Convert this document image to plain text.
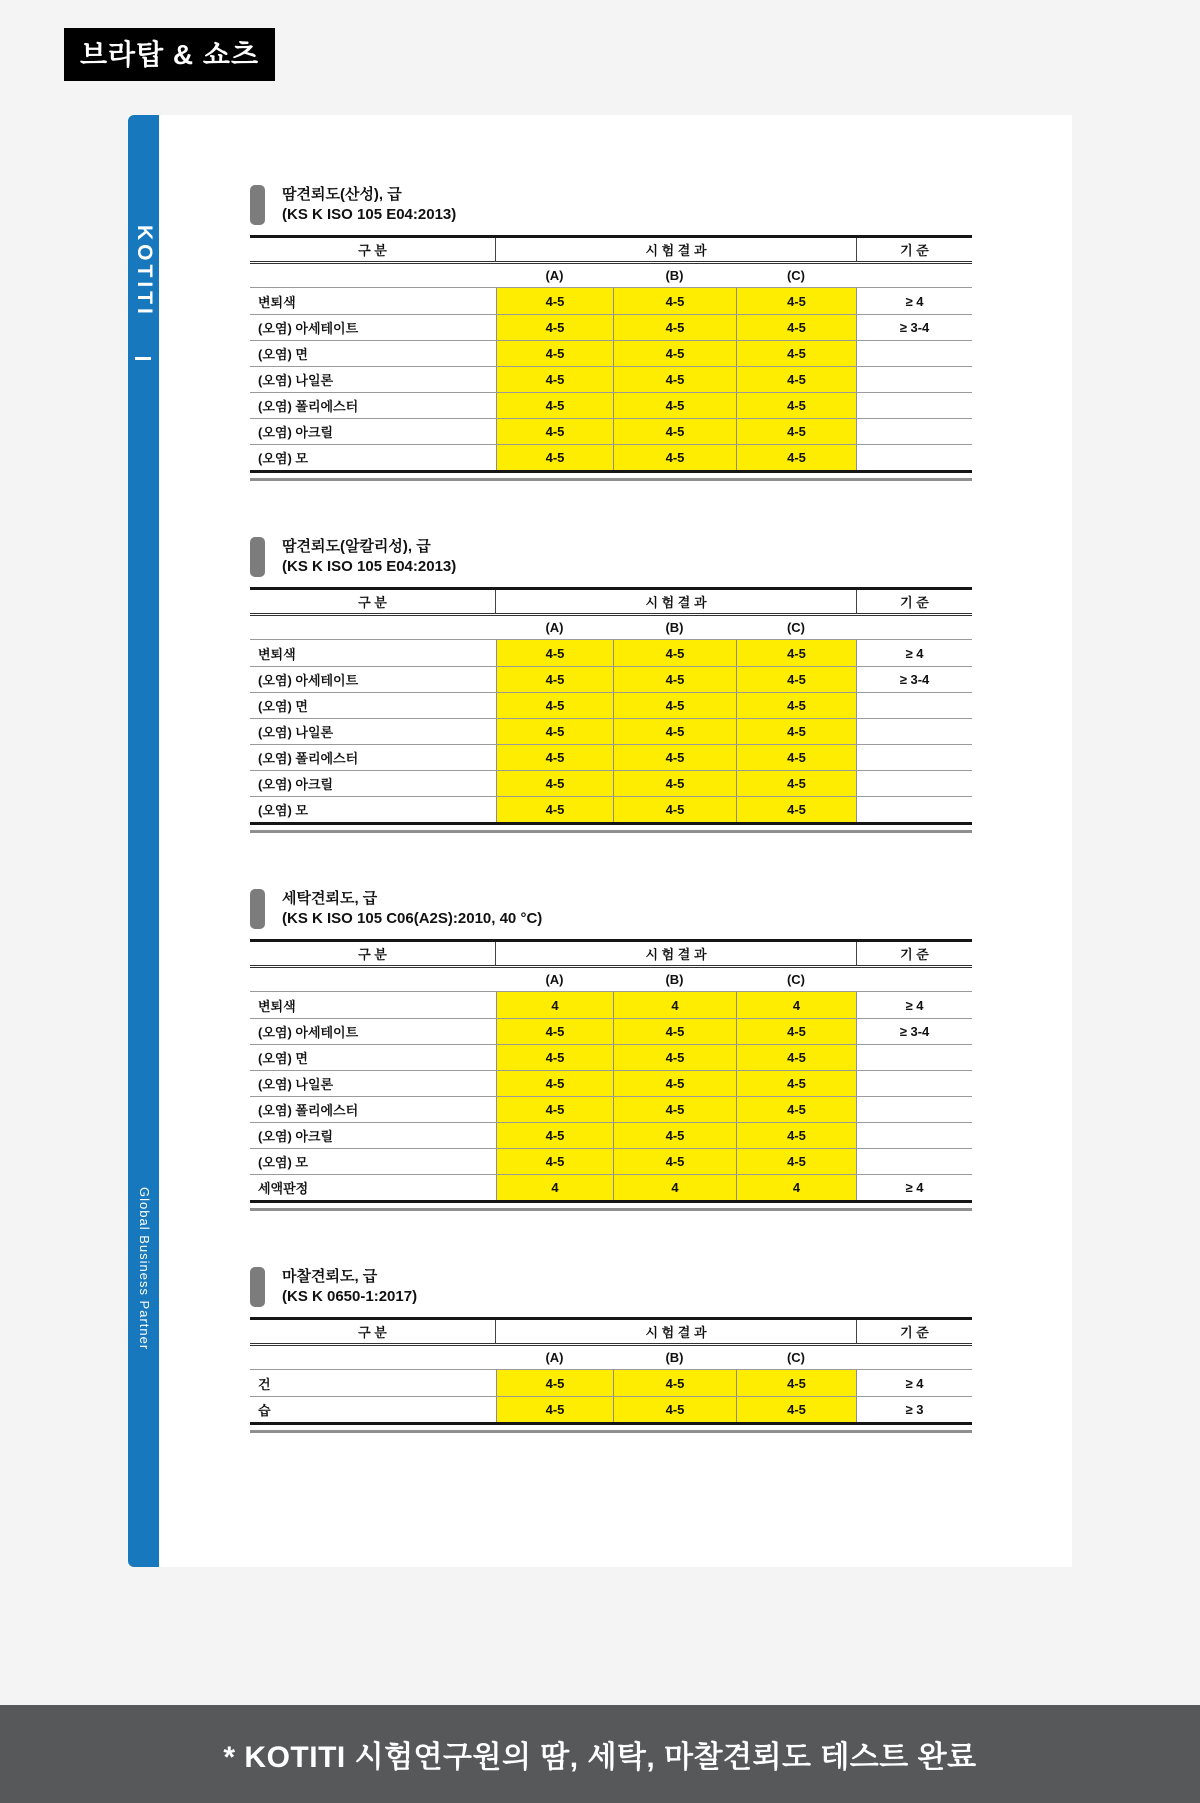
브라탑 & 쇼츠
KOTITI
Global Business Partner
땀견뢰도(산성), 급
(KS K ISO 105 E04:2013)
구 분	시 험 결 과	기 준
(A)	(B)	(C)
변퇴색	4-5	4-5	4-5	≥ 4
(오염) 아세테이트	4-5	4-5	4-5	≥ 3-4
(오염) 면	4-5	4-5	4-5
(오염) 나일론	4-5	4-5	4-5
(오염) 폴리에스터	4-5	4-5	4-5
(오염) 아크릴	4-5	4-5	4-5
(오염) 모	4-5	4-5	4-5
땀견뢰도(알칼리성), 급
(KS K ISO 105 E04:2013)
구 분	시 험 결 과	기 준
(A)	(B)	(C)
변퇴색	4-5	4-5	4-5	≥ 4
(오염) 아세테이트	4-5	4-5	4-5	≥ 3-4
(오염) 면	4-5	4-5	4-5
(오염) 나일론	4-5	4-5	4-5
(오염) 폴리에스터	4-5	4-5	4-5
(오염) 아크릴	4-5	4-5	4-5
(오염) 모	4-5	4-5	4-5
세탁견뢰도, 급
(KS K ISO 105 C06(A2S):2010, 40 °C)
구 분	시 험 결 과	기 준
(A)	(B)	(C)
변퇴색	4	4	4	≥ 4
(오염) 아세테이트	4-5	4-5	4-5	≥ 3-4
(오염) 면	4-5	4-5	4-5
(오염) 나일론	4-5	4-5	4-5
(오염) 폴리에스터	4-5	4-5	4-5
(오염) 아크릴	4-5	4-5	4-5
(오염) 모	4-5	4-5	4-5
세액판정	4	4	4	≥ 4
마찰견뢰도, 급
(KS K 0650-1:2017)
구 분	시 험 결 과	기 준
(A)	(B)	(C)
건	4-5	4-5	4-5	≥ 4
습	4-5	4-5	4-5	≥ 3
* KOTITI 시험연구원의 땀, 세탁, 마찰견뢰도 테스트 완료
